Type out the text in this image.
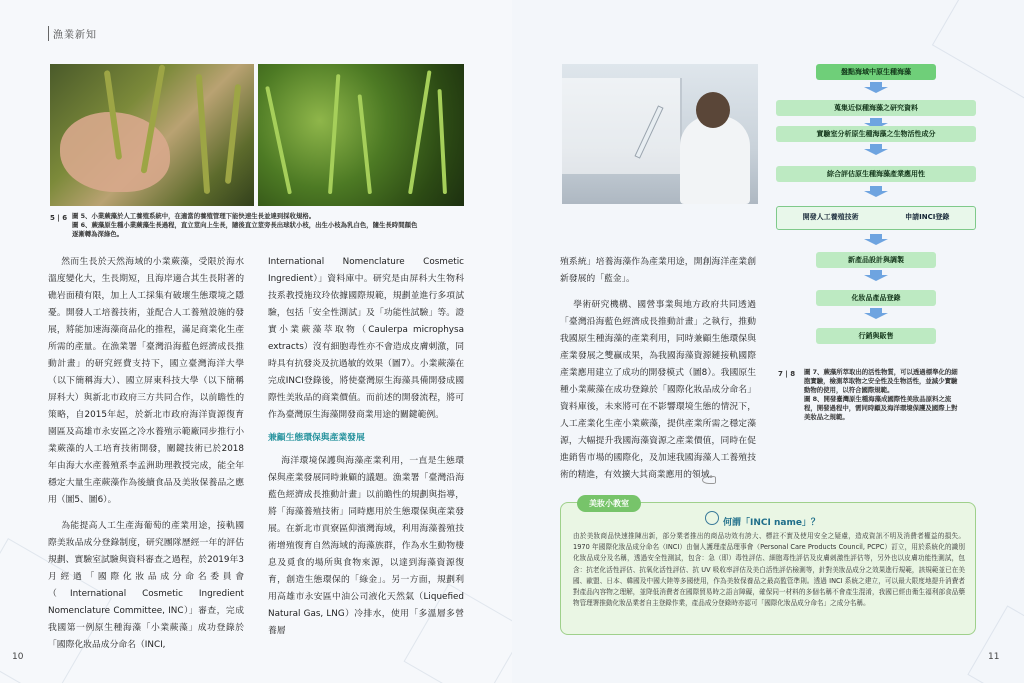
漁業新知
5 | 6 圖 5、小業蕨藻於人工養殖系統中，在適當的養殖管理下能快速生長並達到採收規格。
圖 6、蕨藻原生種小業蕨藻生長過程，直立莖向上生長，隨後直立莖旁長出球狀小枝，出生小枝為乳白色，隨生長時間顏色
逐漸轉為深綠色。

然而生長於天然海域的小業蕨藻，受限於海水溫度變化大，生長期短，且海岸適合其生長附著的礁岩面積有限，加上人工採集有破壞生態環境之隱憂。開發人工培養技術，並配合人工養殖設施的發展，將能加速海藻商品化的推程，滿足商業化生產所需的產量。在漁業署「臺灣沿海藍色經濟成長推動計畫」的研究經費支持下，國立臺灣海洋大學（以下簡稱海大）、國立屏東科技大學（以下簡稱屏科大）與新北市政府三方共同合作，以前瞻性的策略，自2015年起，於新北市政府海洋資源復育園區及高雄市永安區之冷水養殖示範廠同步推行小業蕨藻的人工培育技術開發，關鍵技術已於2018年由海大水產養殖系李孟洲助理教授完成，能全年穩定大量生產蕨藻作為後續食品及美妝保養品之應用（圖5、圖6）。

為能提高人工生產海葡萄的產業用途，接軌國際美妝品成分登錄制度，研究團隊歷經一年的評估規劃、實驗室試驗與資料審查之過程，於2019年3月經過「國際化妝品成分命名委員會（International Cosmetic Ingredient Nomenclature Committee, INC）」審查，完成我國第一例原生種海藻「小業蕨藻」成功登錄於「國際化妝品成分命名（INCI,

International Nomenclature Cosmetic Ingredient）」資料庫中。研究是由屏科大生物科技系教授施玟玲依據國際規範，規劃並進行多項試驗，包括「安全性測試」及「功能性試驗」等。證實小業蕨藻萃取物（Caulerpa microphysa extracts）沒有細胞毒性亦不會造成皮膚刺激，同時具有抗發炎及抗過敏的效果（圖7）。小業蕨藻在完成INCI登錄後，將使臺灣原生海藻具備開發成國際性美妝品的商業價值。而前述的開發流程，將可作為臺灣原生海藻開發商業用途的關鍵範例。

兼顧生態環保與產業發展

海洋環境保護與海藻產業利用，一直是生態環保與產業發展同時兼顧的議題。漁業署「臺灣沿海藍色經濟成長推動計畫」以前瞻性的規劃與指導，將「海藻養殖技術」同時應用於生態環保與產業發展。在新北市貢寮區仰濱灣海域，利用海藻養殖技術增殖復育自然海域的海藻族群，作為水生動物棲息及覓食的場所與食物來源，以達到海藻資源復育，創造生態環保的「綠金」。另一方面，規劃利用高雄市永安區中油公司液化天然氣（Liquefied Natural Gas, LNG）冷排水，使用「多溫層多營養層

10
盤點海域中原生種海藻
蒐集近似種海藻之研究資料
實驗室分析原生種海藻之生物活性成分
綜合評估原生種海藻產業應用性
開發人工養殖技術	申請INCI登錄
新產品設計與調製
化妝品產品登錄
行銷與販售

殖系統」培養海藻作為產業用途，開創海洋產業創新發展的「藍金」。

學術研究機構、國營事業與地方政府共同透過「臺灣沿海藍色經濟成長推動計畫」之執行，推動我國原生種海藻的產業利用，同時兼顧生態環保與產業發展之雙贏成果，為我國海藻資源鏈接軌國際產業應用建立了成功的開發模式（圖8）。我國原生種小業蕨藻在成功登錄於「國際化妝品成分命名」資料庫後，未來將可在不影響環境生態的情況下，人工產業化生產小業蕨藻，提供產業所需之穩定藻源，大幅提升我國海藻資源之產業價值，同時在促進銷售市場的國際化，及加速我國海藻人工養殖技術的精進，有效擴大其商業應用的領域。

7 | 8 圖 7、蕨藻所萃取出的活性物質，可以透過標準化的細
胞實驗，檢測萃取物之安全性及生物活性，並減少實驗
動物的使用，以符合國際規範。
圖 8、開發臺灣原生種海藻成國際性美妝品原料之流
程，開發過程中，需同時顧及海洋環境保護及國際上對
美妝品之規範。
美妝小教室
何謂「INCI name」？
由於美妝商品快速推陳出新，部分業者推出的商品功效有誇大、標註不實及使用安全之疑慮，造成資訊不明及消費者權益的損失。1970 年國際化妝品成分命名（INCI）由個人護理產品理事會（Personal Care Products Council, PCPC）訂立，用於系統化的識別化妝品成分及名稱，透過安全性測試，包含：急（即）毒性評估、細胞毒性評估及皮膚刺激性評估等，另外也以皮膚功能性測試，包含：抗老化活性評估、抗氧化活性評估、抗 UV 吸收率評估及美白活性評估檢測等，針對美妝品成分之效果進行規範，該規範並已在美國、歐盟、日本、韓國及中國大陸等多國使用，作為美妝保養品之最高監管準則。透過 INCI 系統之建立，可以最大限度地提升消費者對產品內容物之理解，並降低消費者在國際貿易時之語言障礙，確保同一材料的多個名稱不會產生混淆，我國已經由衛生福利部食品藥物管理署推動化妝品業者自主登錄作業，產品成分登錄時亦認可「國際化妝品成分命名」之成分名稱。
11
